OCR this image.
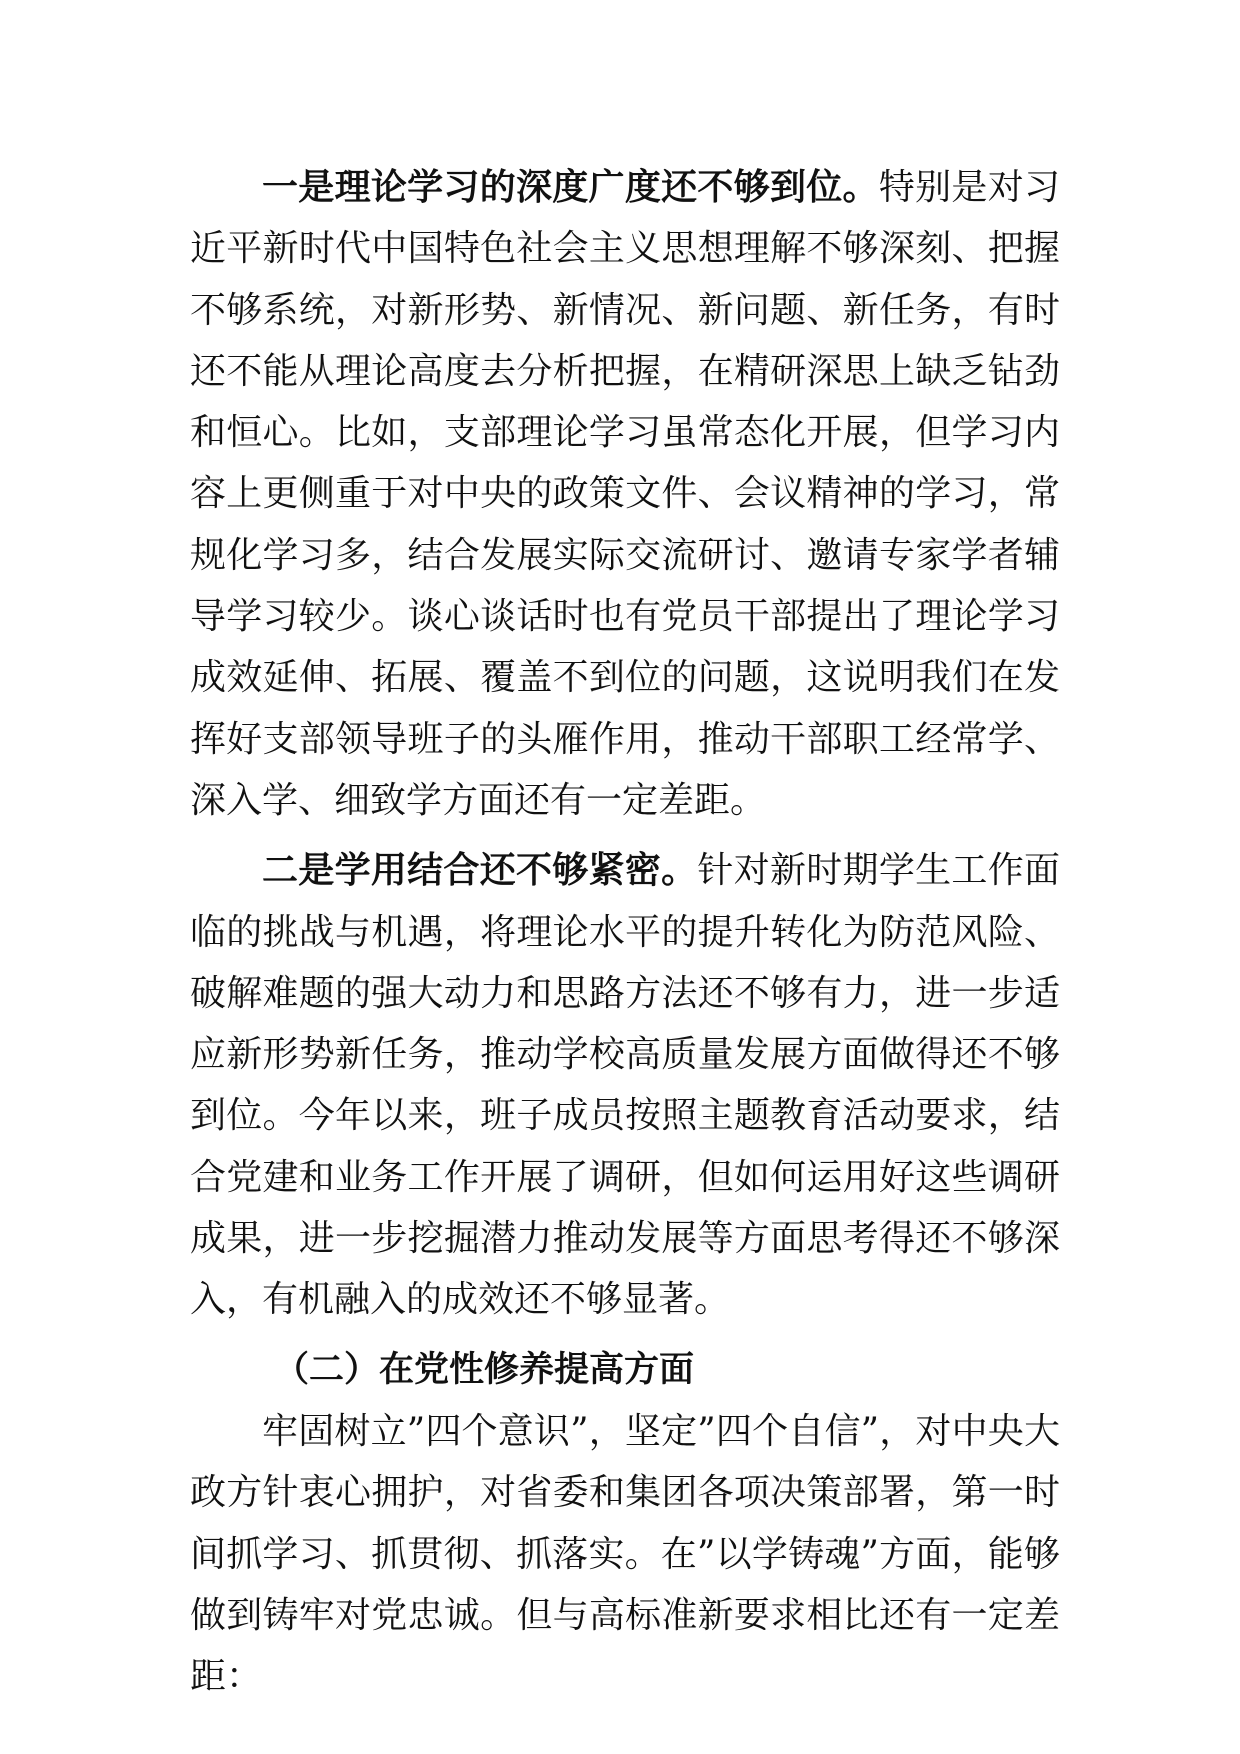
一是理论学习的深度广度还不够到位。特别是对习近平新时代中国特色社会主义思想理解不够深刻、把握不够系统，对新形势、新情况、新问题、新任务，有时还不能从理论高度去分析把握，在精研深思上缺乏钻劲和恒心。比如，支部理论学习虽常态化开展，但学习内容上更侧重于对中央的政策文件、会议精神的学习，常规化学习多，结合发展实际交流研讨、邀请专家学者辅导学习较少。谈心谈话时也有党员干部提出了理论学习成效延伸、拓展、覆盖不到位的问题，这说明我们在发挥好支部领导班子的头雁作用，推动干部职工经常学、深入学、细致学方面还有一定差距。

二是学用结合还不够紧密。针对新时期学生工作面临的挑战与机遇，将理论水平的提升转化为防范风险、破解难题的强大动力和思路方法还不够有力，进一步适应新形势新任务，推动学校高质量发展方面做得还不够到位。今年以来，班子成员按照主题教育活动要求，结合党建和业务工作开展了调研，但如何运用好这些调研成果，进一步挖掘潜力推动发展等方面思考得还不够深入，有机融入的成效还不够显著。

（二）在党性修养提高方面

牢固树立”四个意识”，坚定”四个自信”，对中央大政方针衷心拥护，对省委和集团各项决策部署，第一时间抓学习、抓贯彻、抓落实。在”以学铸魂”方面，能够做到铸牢对党忠诚。但与高标准新要求相比还有一定差距：
